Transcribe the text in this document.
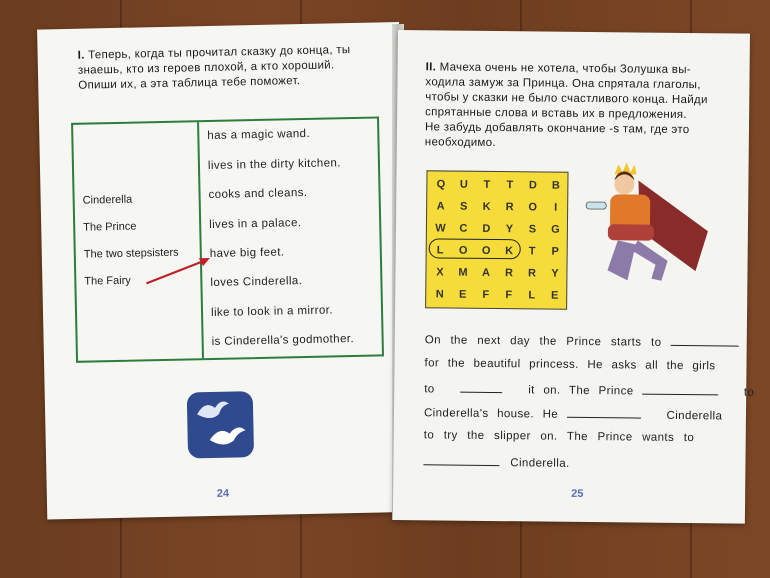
I. Теперь, когда ты прочитал сказку до конца, ты
знаешь, кто из героев плохой, а кто хороший.
Опиши их, а эта таблица тебе поможет.
Cinderella
The Prince
The two stepsisters
The Fairy
has a magic wand.
lives in the dirty kitchen.
cooks and cleans.
lives in a palace.
have big feet.
loves Cinderella.
like to look in a mirror.
is Cinderella's godmother.
24
II. Мачеха очень не хотела, чтобы Золушка вы-
ходила замуж за Принца. Она спрятала глаголы,
чтобы у сказки не было счастливого конца. Найди
спрятанные слова и вставь их в предложения.
Не забудь добавлять окончание -s там, где это
необходимо.
Q	U	T	T	D	B
A	S	K	R	O	I
W	C	D	Y	S	G
L	O	O	K	T	P
X	M	A	R	R	Y
N	E	F	F	L	E
On the next day the Prince starts to
for the beautiful princess. He asks all the girls
to	it on. The Prince	to
Cinderella's house. He	Cinderella
to try the slipper on. The Prince wants to
Cinderella.
25
